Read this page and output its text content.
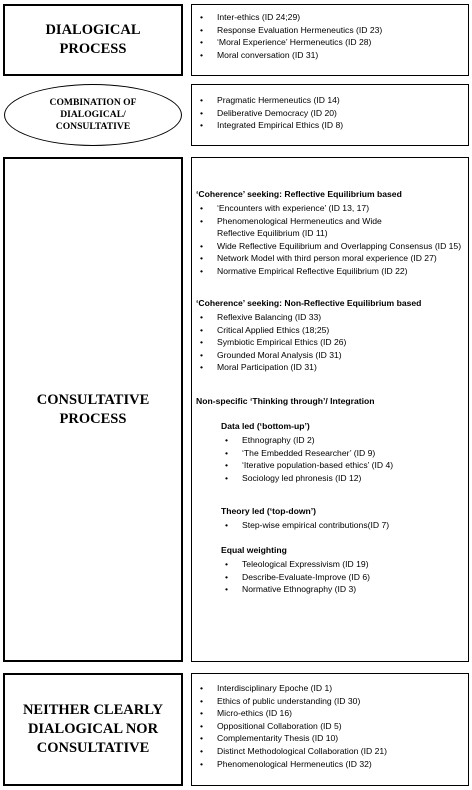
DIALOGICAL PROCESS
COMBINATION OF DIALOGICAL/ CONSULTATIVE
CONSULTATIVE PROCESS
NEITHER CLEARLY DIALOGICAL NOR CONSULTATIVE
• Inter-ethics (ID 24;29)
• Response Evaluation Hermeneutics (ID 23)
• ‘Moral Experience’ Hermeneutics (ID 28)
• Moral conversation (ID 31)
• Pragmatic Hermeneutics (ID 14)
• Deliberative Democracy (ID 20)
• Integrated Empirical Ethics (ID 8)
‘Coherence’ seeking: Reflective Equilibrium based
• ‘Encounters with experience’ (ID 13, 17)
• Phenomenological Hermeneutics and Wide
Reflective Equilibrium (ID 11)
• Wide Reflective Equilibrium and Overlapping Consensus (ID 15)
• Network Model with third person moral experience (ID 27)
• Normative Empirical Reflective Equilibrium (ID 22)
‘Coherence’ seeking: Non-Reflective Equilibrium based
• Reflexive Balancing (ID 33)
• Critical Applied Ethics (18;25)
• Symbiotic Empirical Ethics (ID 26)
• Grounded Moral Analysis (ID 31)
• Moral Participation (ID 31)
Non-specific ‘Thinking through’/ Integration
Data led (‘bottom-up’)
• Ethnography (ID 2)
• ‘The Embedded Researcher’ (ID 9)
• ‘Iterative population-based ethics’ (ID 4)
• Sociology led phronesis (ID 12)
Theory led (‘top-down’)
• Step-wise empirical contributions(ID 7)
Equal weighting
• Teleological Expressivism (ID 19)
• Describe-Evaluate-Improve (ID 6)
• Normative Ethnography (ID 3)
• Interdisciplinary Epoche (ID 1)
• Ethics of public understanding (ID 30)
• Micro-ethics (ID 16)
• Oppositional Collaboration (ID 5)
• Complementarity Thesis (ID 10)
• Distinct Methodological Collaboration (ID 21)
• Phenomenological Hermeneutics (ID 32)
